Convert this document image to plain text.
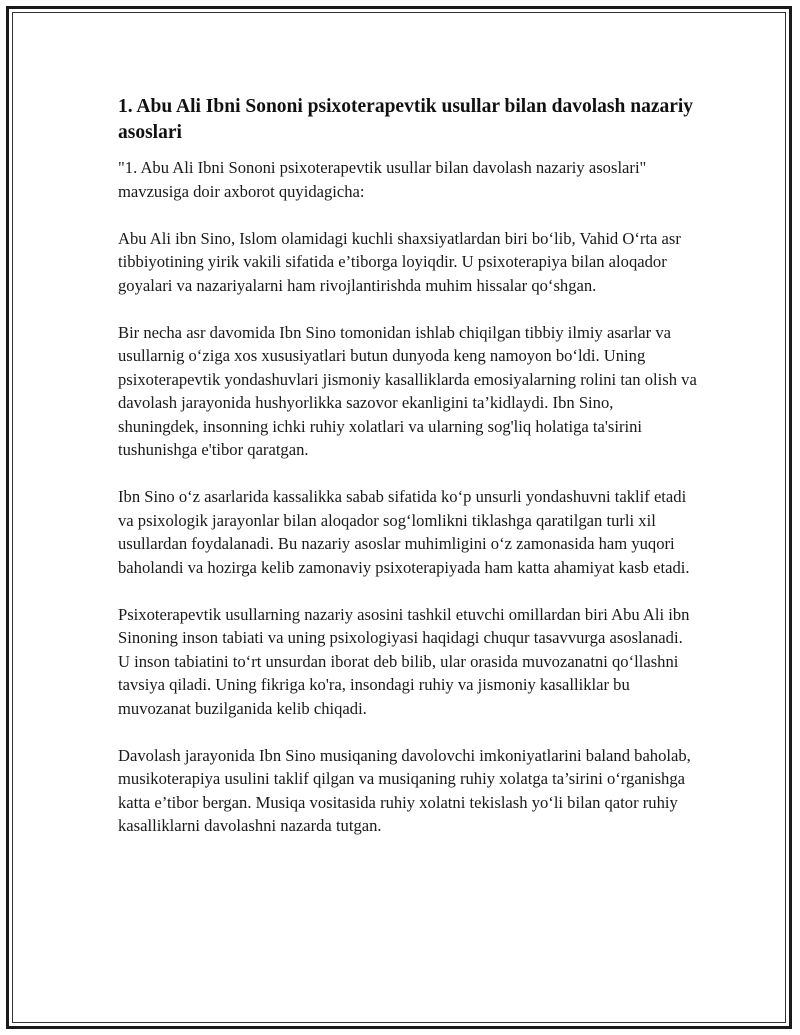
1. Abu Ali Ibni Sononi psixoterapevtik usullar bilan davolash nazariy asoslari

"1. Abu Ali Ibni Sononi psixoterapevtik usullar bilan davolash nazariy asoslari" mavzusiga doir axborot quyidagicha:

Abu Ali ibn Sino, Islom olamidagi kuchli shaxsiyatlardan biri bo‘lib, Vahid O‘rta asr tibbiyotining yirik vakili sifatida e’tiborga loyiqdir. U psixoterapiya bilan aloqador goyalari va nazariyalarni ham rivojlantirishda muhim hissalar qo‘shgan.

Bir necha asr davomida Ibn Sino tomonidan ishlab chiqilgan tibbiy ilmiy asarlar va usullarnig o‘ziga xos xususiyatlari butun dunyoda keng namoyon bo‘ldi. Uning psixoterapevtik yondashuvlari jismoniy kasalliklarda emosiyalarning rolini tan olish va davolash jarayonida hushyorlikka sazovor ekanligini ta’kidlaydi. Ibn Sino, shuningdek, insonning ichki ruhiy xolatlari va ularning sog'liq holatiga ta'sirini tushunishga e'tibor qaratgan.

Ibn Sino o‘z asarlarida kassalikka sabab sifatida ko‘p unsurli yondashuvni taklif etadi va psixologik jarayonlar bilan aloqador sog‘lomlikni tiklashga qaratilgan turli xil usullardan foydalanadi. Bu nazariy asoslar muhimligini o‘z zamonasida ham yuqori baholandi va hozirga kelib zamonaviy psixoterapiyada ham katta ahamiyat kasb etadi.

Psixoterapevtik usullarning nazariy asosini tashkil etuvchi omillardan biri Abu Ali ibn Sinoning inson tabiati va uning psixologiyasi haqidagi chuqur tasavvurga asoslanadi. U inson tabiatini to‘rt unsurdan iborat deb bilib, ular orasida muvozanatni qo‘llashni tavsiya qiladi. Uning fikriga ko'ra, insondagi ruhiy va jismoniy kasalliklar bu muvozanat buzilganida kelib chiqadi.

Davolash jarayonida Ibn Sino musiqaning davolovchi imkoniyatlarini baland baholab, musikoterapiya usulini taklif qilgan va musiqaning ruhiy xolatga ta’sirini o‘rganishga katta e’tibor bergan. Musiqa vositasida ruhiy xolatni tekislash yo‘li bilan qator ruhiy kasalliklarni davolashni nazarda tutgan.
